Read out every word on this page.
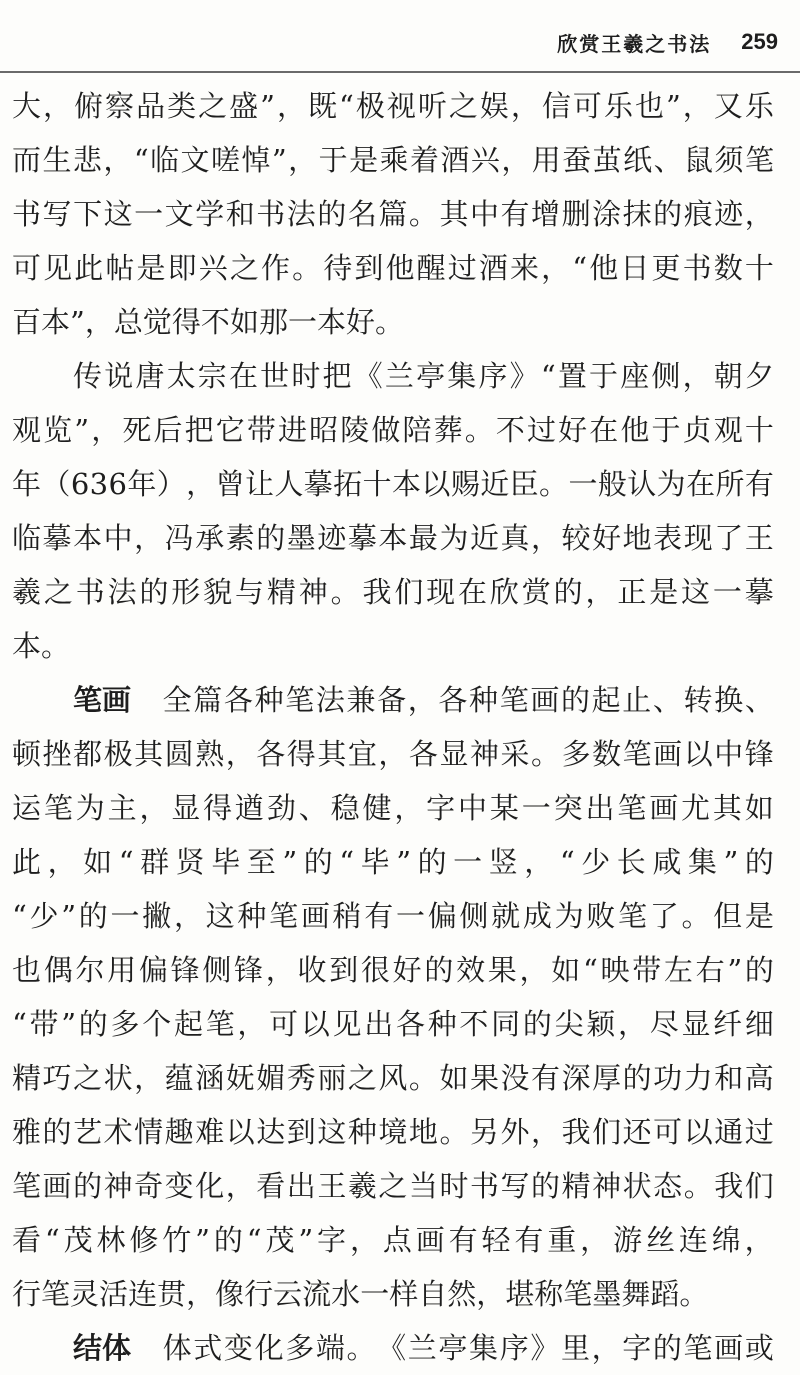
欣赏王羲之书法 259
大 ， 俯 察 品 类 之 盛 ” ， 既 “ 极 视 听 之 娱 ， 信 可 乐 也 ” ， 又 乐
而 生 悲 ， “ 临 文 嗟 悼 ” ， 于 是 乘 着 酒 兴 ， 用 蚕 茧 纸 、 鼠 须 笔
书 写 下 这 一 文 学 和 书 法 的 名 篇 。 其 中 有 增 删 涂 抹 的 痕 迹 ，
可 见 此 帖 是 即 兴 之 作 。 待 到 他 醒 过 酒 来 ， “ 他 日 更 书 数 十
百 本 ” ， 总 觉 得 不 如 那 一 本 好 。
传 说 唐 太 宗 在 世 时 把 《 兰 亭 集 序 》 “ 置 于 座 侧 ， 朝 夕
观 览 ” ， 死 后 把 它 带 进 昭 陵 做 陪 葬 。 不 过 好 在 他 于 贞 观 十
年 （ 6 3 6 年 ） ， 曾 让 人 摹 拓 十 本 以 赐 近 臣 。 一 般 认 为 在 所 有
临 摹 本 中 ， 冯 承 素 的 墨 迹 摹 本 最 为 近 真 ， 较 好 地 表 现 了 王
羲 之 书 法 的 形 貌 与 精 神 。 我 们 现 在 欣 赏 的 ， 正 是 这 一 摹
本 。
笔画 全 篇 各 种 笔 法 兼 备 ， 各 种 笔 画 的 起 止 、 转 换 、
顿 挫 都 极 其 圆 熟 ， 各 得 其 宜 ， 各 显 神 采 。 多 数 笔 画 以 中 锋
运 笔 为 主 ， 显 得 遒 劲 、 稳 健 ， 字 中 某 一 突 出 笔 画 尤 其 如
此 ， 如 “ 群 贤 毕 至 ” 的 “ 毕 ” 的 一 竖 ， “ 少 长 咸 集 ” 的
“ 少 ” 的 一 撇 ， 这 种 笔 画 稍 有 一 偏 侧 就 成 为 败 笔 了 。 但 是
也 偶 尔 用 偏 锋 侧 锋 ， 收 到 很 好 的 效 果 ， 如 “ 映 带 左 右 ” 的
“ 带 ” 的 多 个 起 笔 ， 可 以 见 出 各 种 不 同 的 尖 颖 ， 尽 显 纤 细
精 巧 之 状 ， 蕴 涵 妩 媚 秀 丽 之 风 。 如 果 没 有 深 厚 的 功 力 和 高
雅 的 艺 术 情 趣 难 以 达 到 这 种 境 地 。 另 外 ， 我 们 还 可 以 通 过
笔 画 的 神 奇 变 化 ， 看 出 王 羲 之 当 时 书 写 的 精 神 状 态 。 我 们
看 “ 茂 林 修 竹 ” 的 “ 茂 ” 字 ， 点 画 有 轻 有 重 ， 游 丝 连 绵 ，
行 笔 灵 活 连 贯 ， 像 行 云 流 水 一 样 自 然 ， 堪 称 笔 墨 舞 蹈 。
结体 体 式 变 化 多 端 。 《 兰 亭 集 序 》 里 ， 字 的 笔 画 或
